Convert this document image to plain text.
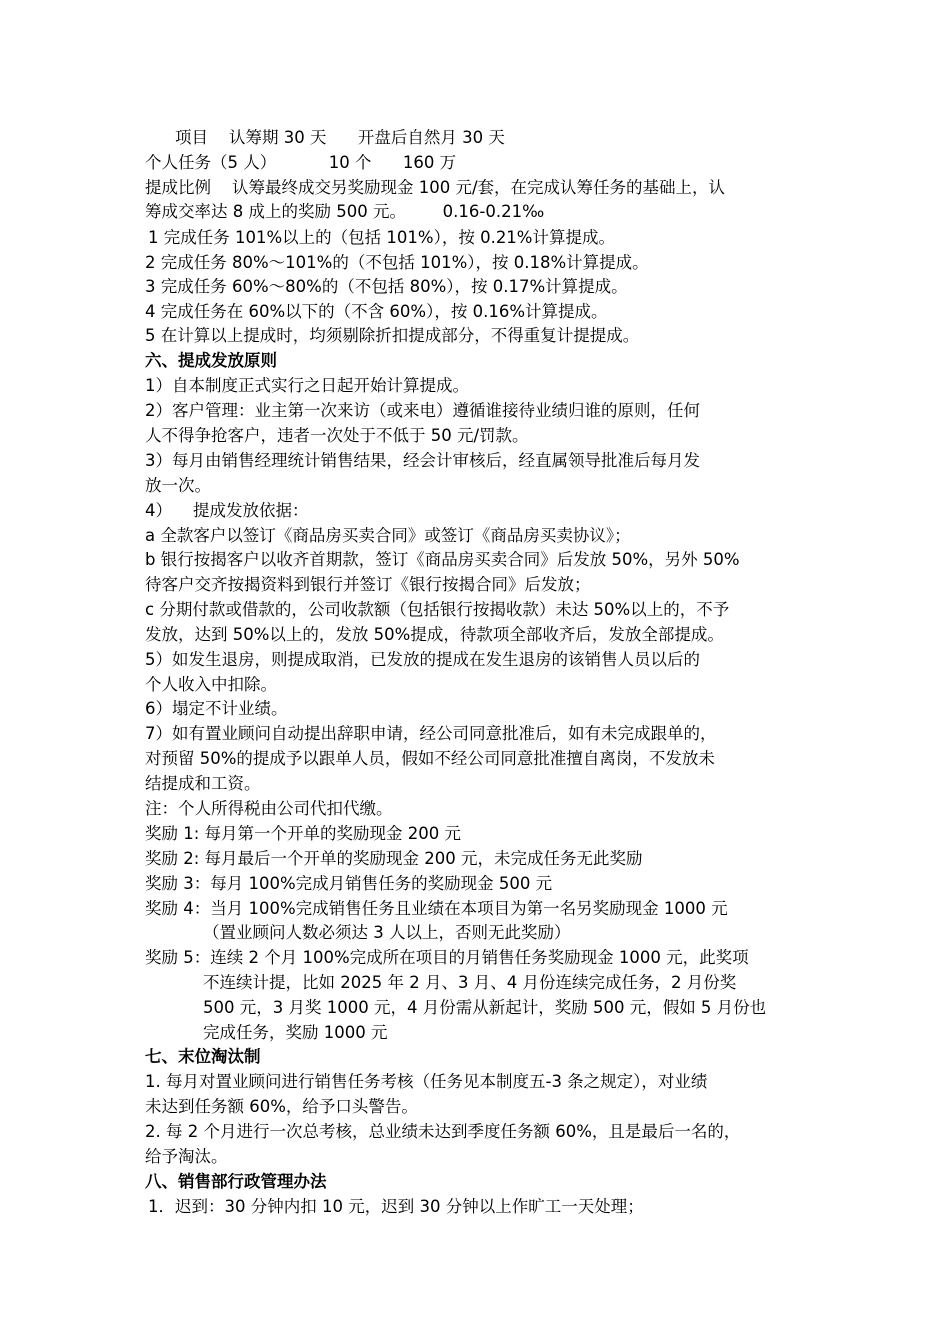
项目    认筹期 30 天      开盘后自然月 30 天
个人任务（5 人）          10 个      160 万
提成比例    认筹最终成交另奖励现金 100 元/套，在完成认筹任务的基础上，认
筹成交率达 8 成上的奖励 500 元。       0.16-0.21‰
1 完成任务 101%以上的（包括 101%），按 0.21%计算提成。
2 完成任务 80%～101%的（不包括 101%），按 0.18%计算提成。
3 完成任务 60%～80%的（不包括 80%），按 0.17%计算提成。
4 完成任务在 60%以下的（不含 60%），按 0.16%计算提成。
5 在计算以上提成时，均须剔除折扣提成部分，不得重复计提提成。
六、提成发放原则
1）自本制度正式实行之日起开始计算提成。
2）客户管理：业主第一次来访（或来电）遵循谁接待业绩归谁的原则，任何
人不得争抢客户，违者一次处于不低于 50 元/罚款。
3）每月由销售经理统计销售结果，经会计审核后，经直属领导批准后每月发
放一次。
4）    提成发放依据：
a 全款客户以签订《商品房买卖合同》或签订《商品房买卖协议》；
b 银行按揭客户以收齐首期款，签订《商品房买卖合同》后发放 50%，另外 50%
待客户交齐按揭资料到银行并签订《银行按揭合同》后发放；
c 分期付款或借款的，公司收款额（包括银行按揭收款）未达 50%以上的，不予
发放，达到 50%以上的，发放 50%提成，待款项全部收齐后，发放全部提成。
5）如发生退房，则提成取消，已发放的提成在发生退房的该销售人员以后的
个人收入中扣除。
6）塌定不计业绩。
7）如有置业顾问自动提出辞职申请，经公司同意批准后，如有未完成跟单的，
对预留 50%的提成予以跟单人员，假如不经公司同意批准擅自离岗，不发放未
结提成和工资。
注：个人所得税由公司代扣代缴。
奖励 1: 每月第一个开单的奖励现金 200 元
奖励 2: 每月最后一个开单的奖励现金 200 元，未完成任务无此奖励
奖励 3：每月 100%完成月销售任务的奖励现金 500 元
奖励 4：当月 100%完成销售任务且业绩在本项目为第一名另奖励现金 1000 元
（置业顾问人数必须达 3 人以上，否则无此奖励）
奖励 5：连续 2 个月 100%完成所在项目的月销售任务奖励现金 1000 元，此奖项
不连续计提，比如 2025 年 2 月、3 月、4 月份连续完成任务，2 月份奖
500 元，3 月奖 1000 元，4 月份需从新起计，奖励 500 元，假如 5 月份也
完成任务，奖励 1000 元
七、末位淘汰制
1. 每月对置业顾问进行销售任务考核（任务见本制度五-3 条之规定），对业绩
未达到任务额 60%，给予口头警告。
2. 每 2 个月进行一次总考核，总业绩未达到季度任务额 60%，且是最后一名的，
给予淘汰。
八、销售部行政管理办法
1．迟到：30 分钟内扣 10 元，迟到 30 分钟以上作旷工一天处理；
